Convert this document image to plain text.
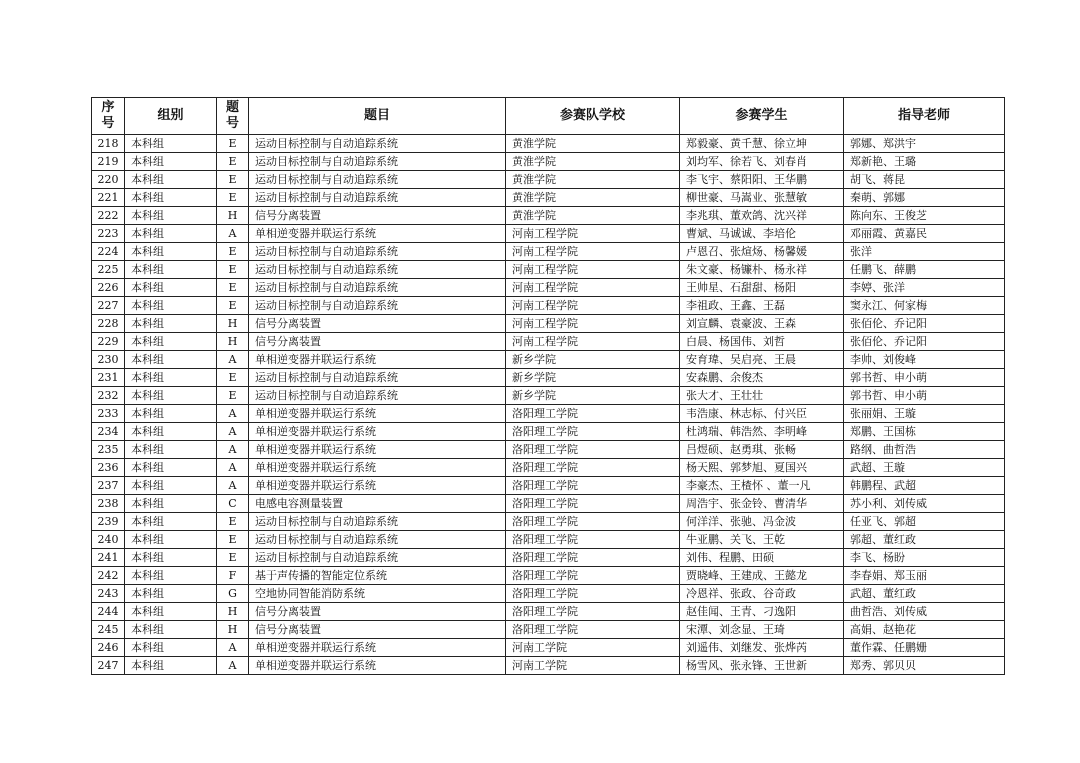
序号	组别	题号	题目	参赛队学校	参赛学生	指导老师
218	本科组	E	运动目标控制与自动追踪系统	黄淮学院	郑毅豪、黄千慧、徐立坤	郭娜、郑洪宇
219	本科组	E	运动目标控制与自动追踪系统	黄淮学院	刘均军、徐若飞、刘春肖	郑新艳、王璐
220	本科组	E	运动目标控制与自动追踪系统	黄淮学院	李飞宇、蔡阳阳、王华鹏	胡飞、蒋昆
221	本科组	E	运动目标控制与自动追踪系统	黄淮学院	柳世豪、马嵩业、张慧敏	秦萌、郭娜
222	本科组	H	信号分离装置	黄淮学院	李兆琪、董欢鸽、沈兴祥	陈向东、王俊芝
223	本科组	A	单相逆变器并联运行系统	河南工程学院	曹斌、马诚诚、李培伦	邓丽霞、黄嘉民
224	本科组	E	运动目标控制与自动追踪系统	河南工程学院	卢恩召、张煊炀、杨馨媛	张洋
225	本科组	E	运动目标控制与自动追踪系统	河南工程学院	朱文豪、杨镰朴、杨永祥	任鹏飞、薛鹏
226	本科组	E	运动目标控制与自动追踪系统	河南工程学院	王帅星、石甜甜、杨阳	李婷、张洋
227	本科组	E	运动目标控制与自动追踪系统	河南工程学院	李祖政、王鑫、王磊	窦永江、何家梅
228	本科组	H	信号分离装置	河南工程学院	刘宣麟、袁豪波、王森	张佰伦、乔记阳
229	本科组	H	信号分离装置	河南工程学院	白晨、杨国伟、刘哲	张佰伦、乔记阳
230	本科组	A	单相逆变器并联运行系统	新乡学院	安育瑋、吴启亮、王晨	李帅、刘俊峰
231	本科组	E	运动目标控制与自动追踪系统	新乡学院	安森鹏、余俊杰	郭书哲、申小萌
232	本科组	E	运动目标控制与自动追踪系统	新乡学院	张大才、王壮壮	郭书哲、申小萌
233	本科组	A	单相逆变器并联运行系统	洛阳理工学院	韦浩康、林志标、付兴臣	张丽娟、王璇
234	本科组	A	单相逆变器并联运行系统	洛阳理工学院	杜鸿瑞、韩浩然、李明峰	郑鹏、王国栋
235	本科组	A	单相逆变器并联运行系统	洛阳理工学院	吕煜硕、赵勇琪、张畅	路纲、曲哲浩
236	本科组	A	单相逆变器并联运行系统	洛阳理工学院	杨天熙、郭梦旭、夏国兴	武超、王璇
237	本科组	A	单相逆变器并联运行系统	洛阳理工学院	李豪杰、王楂怀 、董一凡	韩鹏程、武超
238	本科组	C	电感电容测量装置	洛阳理工学院	周浩宇、张金铃、曹清华	苏小利、刘传威
239	本科组	E	运动目标控制与自动追踪系统	洛阳理工学院	何洋洋、张驰、冯金波	任亚飞、郭超
240	本科组	E	运动目标控制与自动追踪系统	洛阳理工学院	牛亚鹏、关飞、王乾	郭超、董红政
241	本科组	E	运动目标控制与自动追踪系统	洛阳理工学院	刘伟、程鹏、田硕	李飞、杨盼
242	本科组	F	基于声传播的智能定位系统	洛阳理工学院	贾晓峰、王建成、王懿龙	李春娟、郑玉丽
243	本科组	G	空地协同智能消防系统	洛阳理工学院	冷恩祥、张政、谷奇政	武超、董红政
244	本科组	H	信号分离装置	洛阳理工学院	赵佳闻、王青、刁逸阳	曲哲浩、刘传威
245	本科组	H	信号分离装置	洛阳理工学院	宋潭、刘念显、王琦	高娟、赵艳花
246	本科组	A	单相逆变器并联运行系统	河南工学院	刘遥伟、刘继发、张烨芮	董作霖、任鹏姗
247	本科组	A	单相逆变器并联运行系统	河南工学院	杨雪风、张永锋、王世新	郑秀、郭贝贝
